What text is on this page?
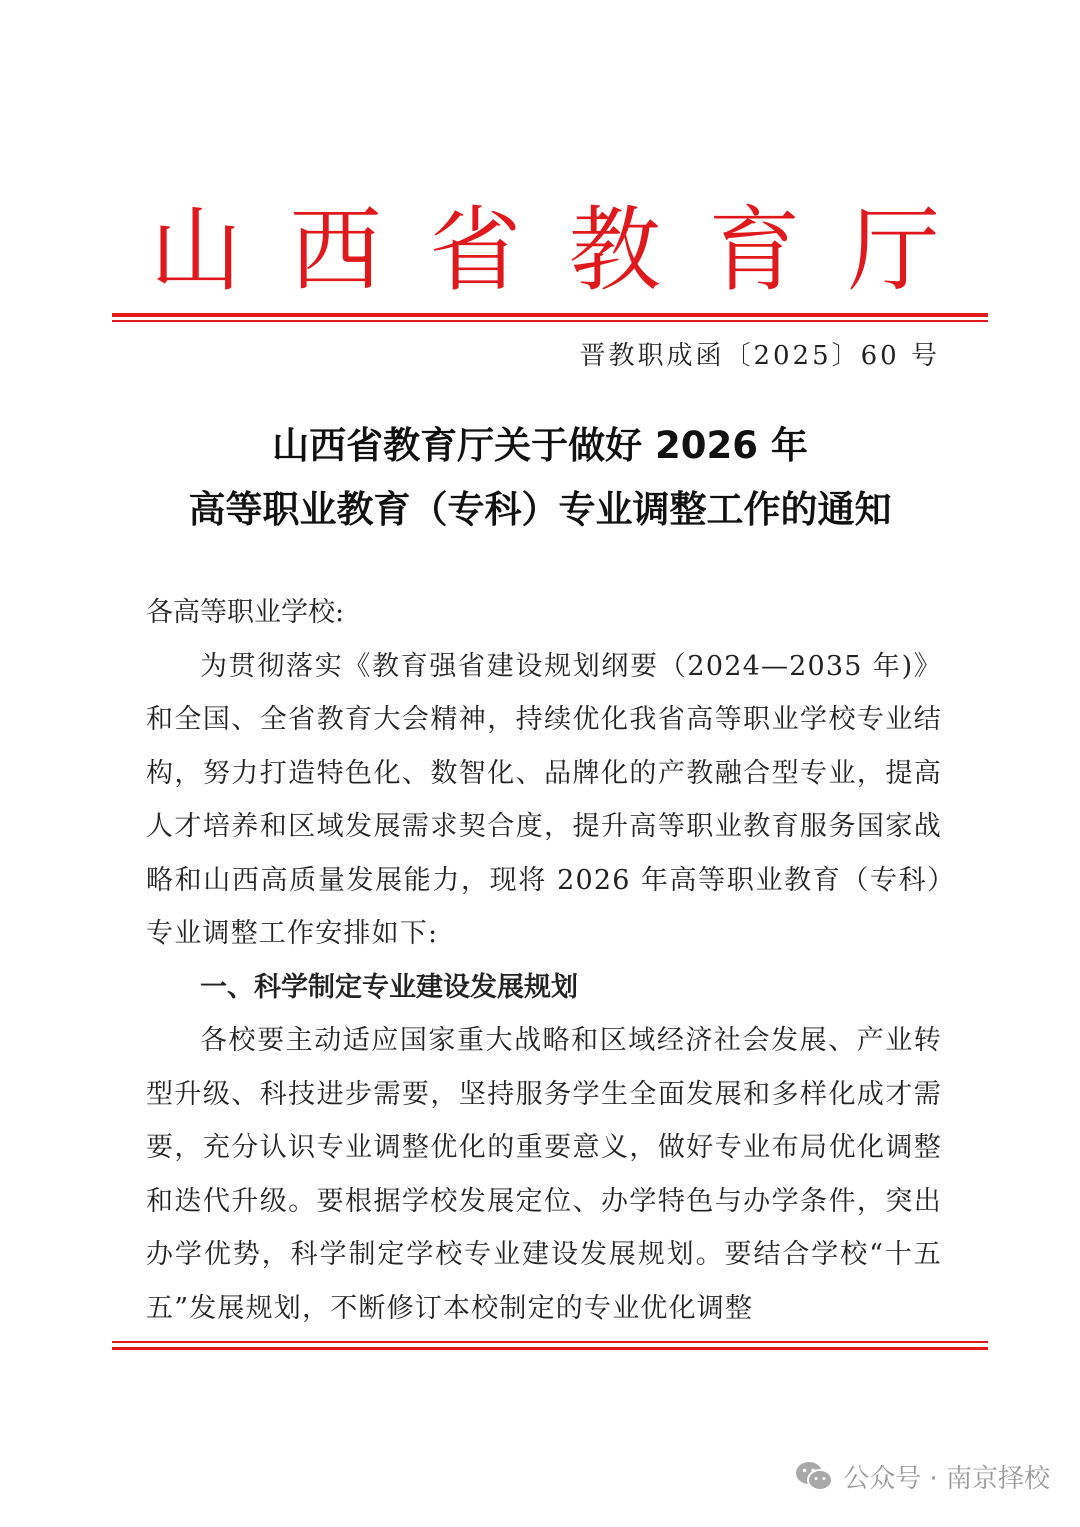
山 西 省 教 育 厅
晋教职成函〔2025〕60 号
山西省教育厅关于做好 2026 年
高等职业教育（专科）专业调整工作的通知
各高等职业学校:

为贯彻落实《教育强省建设规划纲要（2024—2035 年)》和全国、全省教育大会精神，持续优化我省高等职业学校专业结构，努力打造特色化、数智化、品牌化的产教融合型专业，提高人才培养和区域发展需求契合度，提升高等职业教育服务国家战略和山西高质量发展能力，现将 2026 年高等职业教育（专科）专业调整工作安排如下:

一、科学制定专业建设发展规划

各校要主动适应国家重大战略和区域经济社会发展、产业转型升级、科技进步需要，坚持服务学生全面发展和多样化成才需要，充分认识专业调整优化的重要意义，做好专业布局优化调整和迭代升级。要根据学校发展定位、办学特色与办学条件，突出办学优势，科学制定学校专业建设发展规划。要结合学校“十五五”发展规划，不断修订本校制定的专业优化调整

公众号 · 南京择校
